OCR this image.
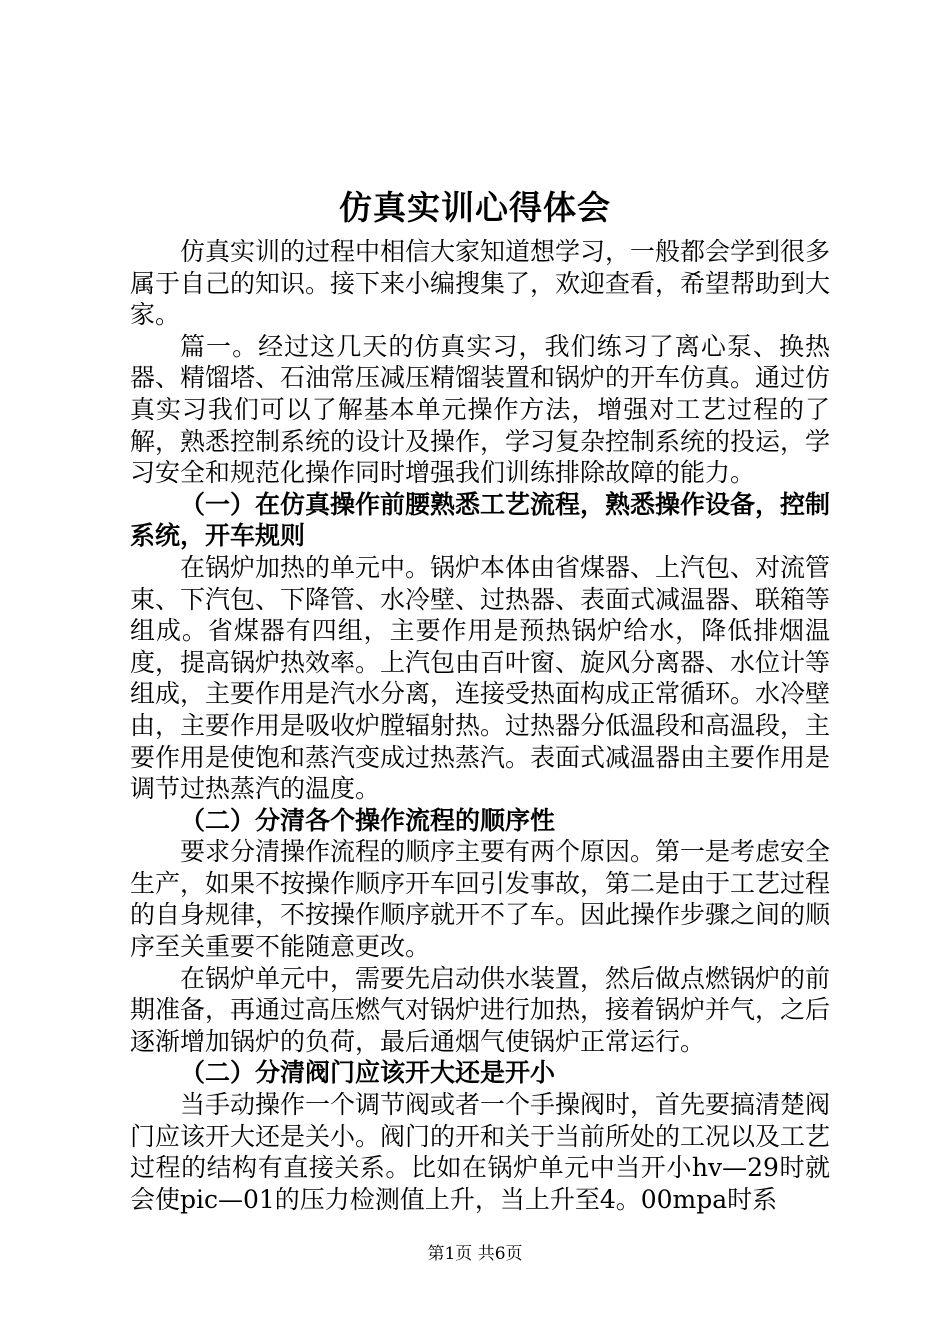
仿真实训心得体会

仿真实训的过程中相信大家知道想学习，一般都会学到很多属于自己的知识。接下来小编搜集了，欢迎查看，希望帮助到大家。

篇一。经过这几天的仿真实习，我们练习了离心泵、换热器、精馏塔、石油常压减压精馏装置和锅炉的开车仿真。通过仿真实习我们可以了解基本单元操作方法，增强对工艺过程的了解，熟悉控制系统的设计及操作，学习复杂控制系统的投运，学习安全和规范化操作同时增强我们训练排除故障的能力。

（一）在仿真操作前腰熟悉工艺流程，熟悉操作设备，控制系统，开车规则

在锅炉加热的单元中。锅炉本体由省煤器、上汽包、对流管束、下汽包、下降管、水冷壁、过热器、表面式减温器、联箱等组成。省煤器有四组，主要作用是预热锅炉给水，降低排烟温度，提高锅炉热效率。上汽包由百叶窗、旋风分离器、水位计等组成，主要作用是汽水分离，连接受热面构成正常循环。水冷壁由，主要作用是吸收炉膛辐射热。过热器分低温段和高温段，主要作用是使饱和蒸汽变成过热蒸汽。表面式减温器由主要作用是调节过热蒸汽的温度。

（二）分清各个操作流程的顺序性

要求分清操作流程的顺序主要有两个原因。第一是考虑安全生产，如果不按操作顺序开车回引发事故，第二是由于工艺过程的自身规律，不按操作顺序就开不了车。因此操作步骤之间的顺序至关重要不能随意更改。

在锅炉单元中，需要先启动供水装置，然后做点燃锅炉的前期准备，再通过高压燃气对锅炉进行加热，接着锅炉并气，之后逐渐增加锅炉的负荷，最后通烟气使锅炉正常运行。

（二）分清阀门应该开大还是开小

当手动操作一个调节阀或者一个手操阀时，首先要搞清楚阀门应该开大还是关小。阀门的开和关于当前所处的工况以及工艺过程的结构有直接关系。比如在锅炉单元中当开小hv—29时就会使pic—01的压力检测值上升，当上升至4。00mpa时系

第1页 共6页
